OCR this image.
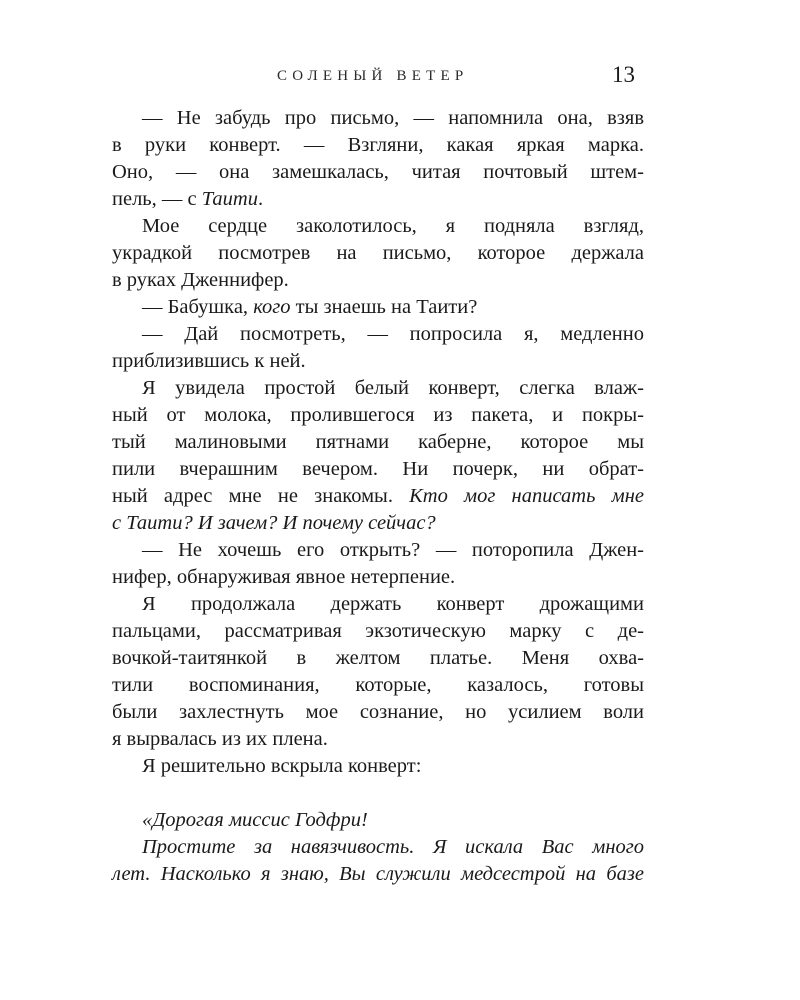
СОЛЕНЫЙ ВЕТЕР	13
— Не забудь про письмо, — напомнила она, взяв
в руки конверт. — Взгляни, какая яркая марка.
Оно, — она замешкалась, читая почтовый штем-
пель, — с Таити.
Мое сердце заколотилось, я подняла взгляд,
украдкой посмотрев на письмо, которое держала
в руках Дженнифер.
— Бабушка, кого ты знаешь на Таити?
— Дай посмотреть, — попросила я, медленно
приблизившись к ней.
Я увидела простой белый конверт, слегка влаж-
ный от молока, пролившегося из пакета, и покры-
тый малиновыми пятнами каберне, которое мы
пили вчерашним вечером. Ни почерк, ни обрат-
ный адрес мне не знакомы. Кто мог написать мне
с Таити? И зачем? И почему сейчас?
— Не хочешь его открыть? — поторопила Джен-
нифер, обнаруживая явное нетерпение.
Я продолжала держать конверт дрожащими
пальцами, рассматривая экзотическую марку с де-
вочкой-таитянкой в желтом платье. Меня охва-
тили воспоминания, которые, казалось, готовы
были захлестнуть мое сознание, но усилием воли
я вырвалась из их плена.
Я решительно вскрыла конверт:
«Дорогая миссис Годфри!
Простите за навязчивость. Я искала Вас много
лет. Насколько я знаю, Вы служили медсестрой на базе
